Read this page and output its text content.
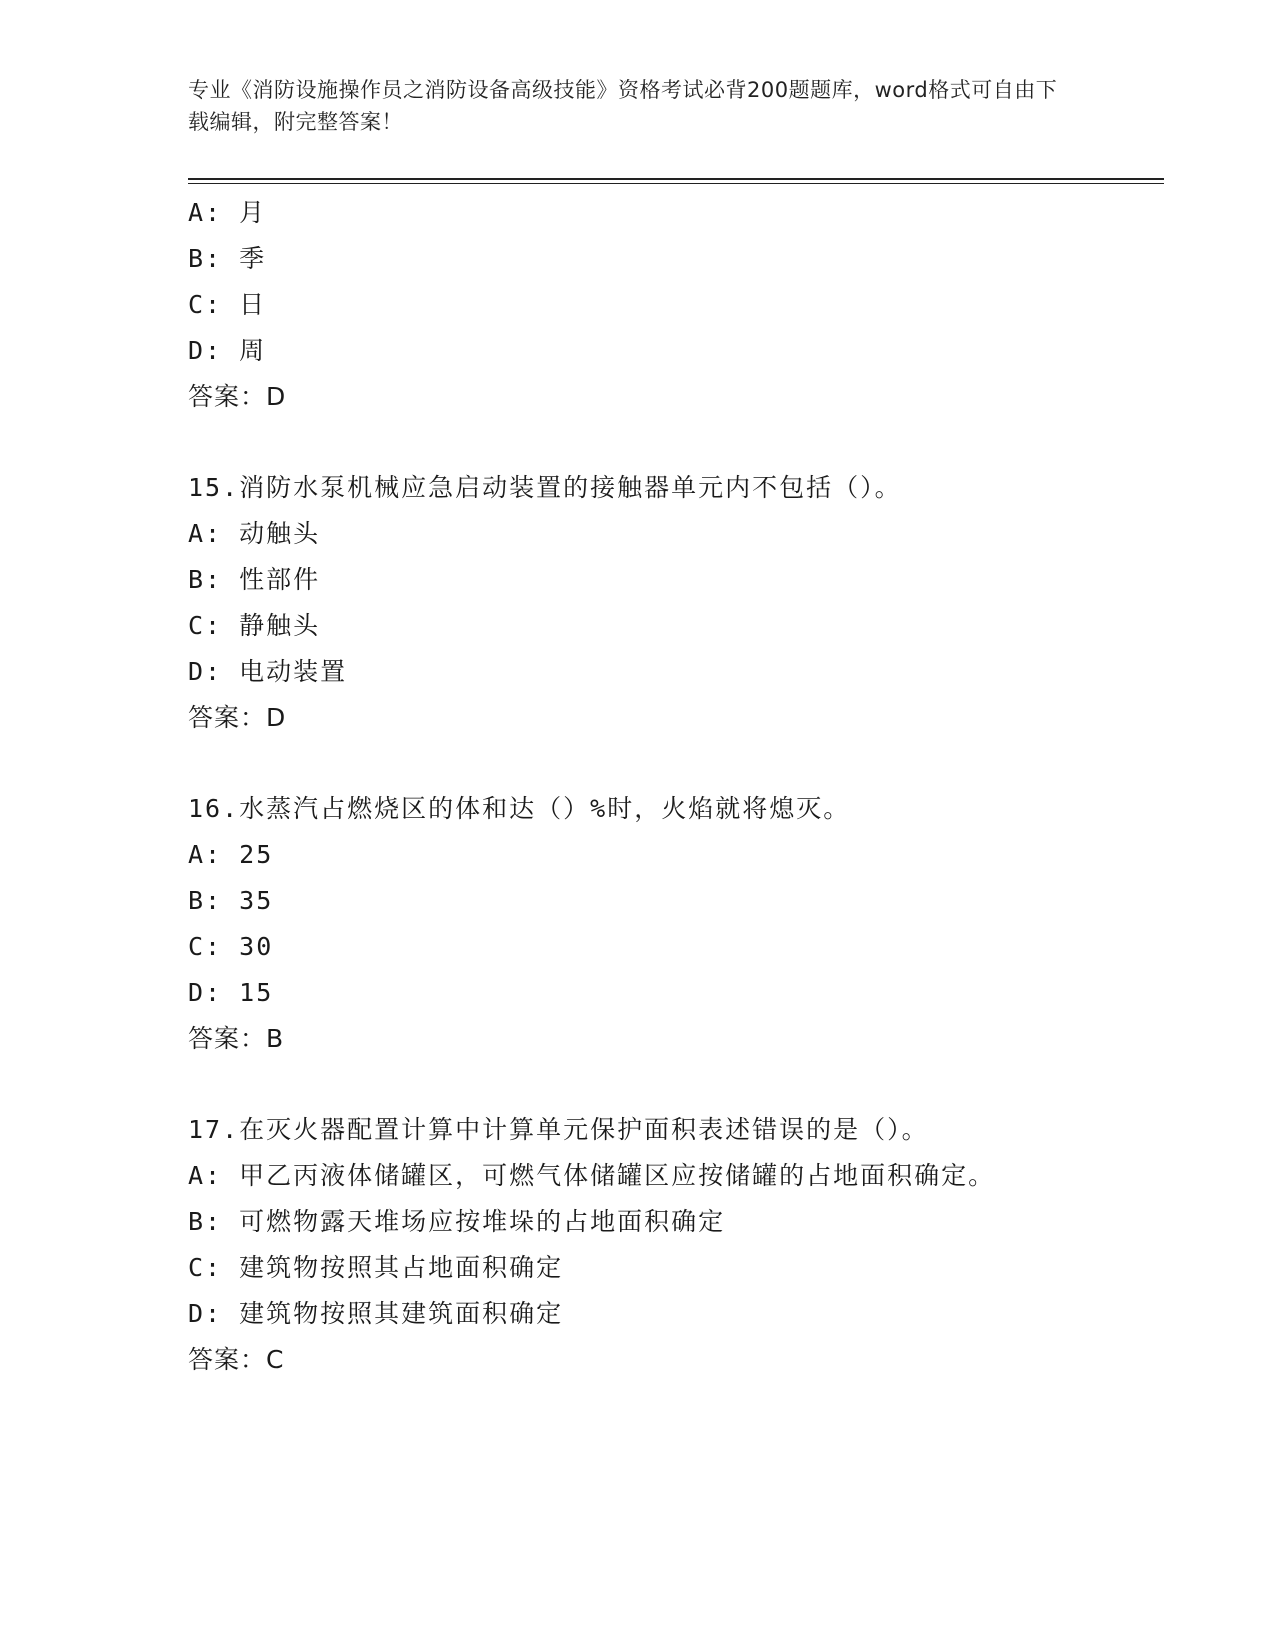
专业《消防设施操作员之消防设备高级技能》资格考试必背200题题库，word格式可自由下载编辑，附完整答案！
A: 月
B: 季
C: 日
D: 周
答案：D
15.消防水泵机械应急启动装置的接触器单元内不包括（）。
A: 动触头
B: 性部件
C: 静触头
D: 电动装置
答案：D
16.水蒸汽占燃烧区的体和达（）%时，火焰就将熄灭。
A: 25
B: 35
C: 30
D: 15
答案：B
17.在灭火器配置计算中计算单元保护面积表述错误的是（）。
A: 甲乙丙液体储罐区，可燃气体储罐区应按储罐的占地面积确定。
B: 可燃物露天堆场应按堆垛的占地面积确定
C: 建筑物按照其占地面积确定
D: 建筑物按照其建筑面积确定
答案：C
